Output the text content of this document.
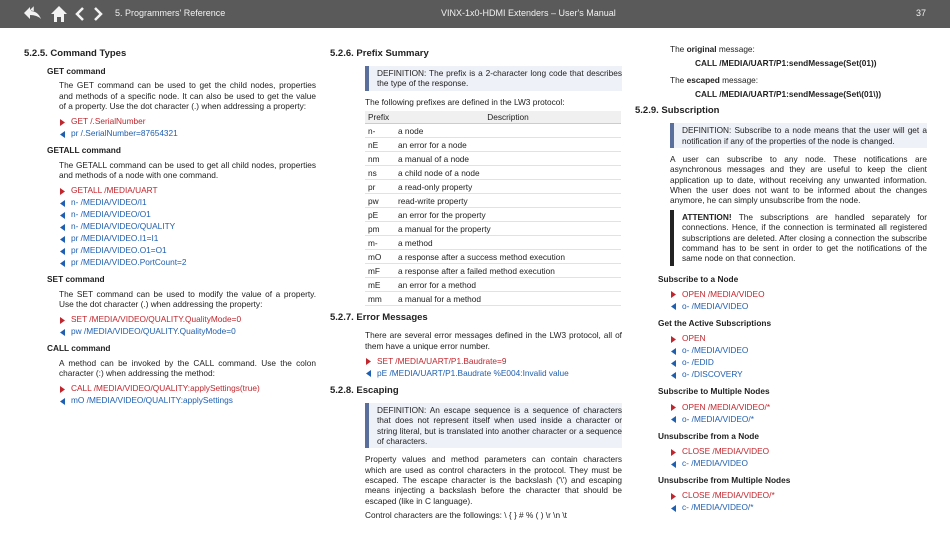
5. Programmers' Reference	VINX-1x0-HDMI Extenders – User's Manual	37
5.2.5. Command Types
GET command
The GET command can be used to get the child nodes, properties and methods of a specific node. It can also be used to get the value of a property. Use the dot character (.) when addressing a property:
GET /.SerialNumber
pr /.SerialNumber=87654321
GETALL command
The GETALL command can be used to get all child nodes, properties and methods of a node with one command.
GETALL /MEDIA/UART
n- /MEDIA/VIDEO/I1
n- /MEDIA/VIDEO/O1
n- /MEDIA/VIDEO/QUALITY
pr /MEDIA/VIDEO.I1=I1
pr /MEDIA/VIDEO.O1=O1
pr /MEDIA/VIDEO.PortCount=2
SET command
The SET command can be used to modify the value of a property. Use the dot character (.) when addressing the property:
SET /MEDIA/VIDEO/QUALITY.QualityMode=0
pw /MEDIA/VIDEO/QUALITY.QualityMode=0
CALL command
A method can be invoked by the CALL command. Use the colon character (:) when addressing the method:
CALL /MEDIA/VIDEO/QUALITY:applySettings(true)
mO /MEDIA/VIDEO/QUALITY:applySettings
5.2.6. Prefix Summary
DEFINITION: The prefix is a 2-character long code that describes the type of the response.
The following prefixes are defined in the LW3 protocol:
Prefix	Description
n-	a node
nE	an error for a node
nm	a manual of a node
ns	a child node of a node
pr	a read-only property
pw	read-write property
pE	an error for the property
pm	a manual for the property
m-	a method
mO	a response after a success method execution
mF	a response after a failed method execution
mE	an error for a method
mm	a manual for a method
5.2.7. Error Messages
There are several error messages defined in the LW3 protocol, all of them have a unique error number.
SET /MEDIA/UART/P1.Baudrate=9
pE /MEDIA/UART/P1.Baudrate %E004:Invalid value
5.2.8. Escaping
DEFINITION: An escape sequence is a sequence of characters that does not represent itself when used inside a character or string literal, but is translated into another character or a sequence of characters.
Property values and method parameters can contain characters which are used as control characters in the protocol. They must be escaped. The escape character is the backslash ('\') and escaping means injecting a backslash before the character that should be escaped (like in C language).
Control characters are the followings: \ { } # % ( ) \r \n \t
The original message:
CALL /MEDIA/UART/P1:sendMessage(Set(01))
The escaped message:
CALL /MEDIA/UART/P1:sendMessage(Set\(01\))
5.2.9. Subscription
DEFINITION: Subscribe to a node means that the user will get a notification if any of the properties of the node is changed.
A user can subscribe to any node. These notifications are asynchronous messages and they are useful to keep the client application up to date, without receiving any unwanted information. When the user does not want to be informed about the changes anymore, he can simply unsubscribe from the node.
ATTENTION! The subscriptions are handled separately for connections. Hence, if the connection is terminated all registered subscriptions are deleted. After closing a connection the subscribe command has to be sent in order to get the notifications of the same node on that connection.
Subscribe to a Node
OPEN /MEDIA/VIDEO
o- /MEDIA/VIDEO
Get the Active Subscriptions
OPEN
o- /MEDIA/VIDEO
o- /EDID
o- /DISCOVERY
Subscribe to Multiple Nodes
OPEN /MEDIA/VIDEO/*
o- /MEDIA/VIDEO/*
Unsubscribe from a Node
CLOSE /MEDIA/VIDEO
c- /MEDIA/VIDEO
Unsubscribe from Multiple Nodes
CLOSE /MEDIA/VIDEO/*
c- /MEDIA/VIDEO/*
